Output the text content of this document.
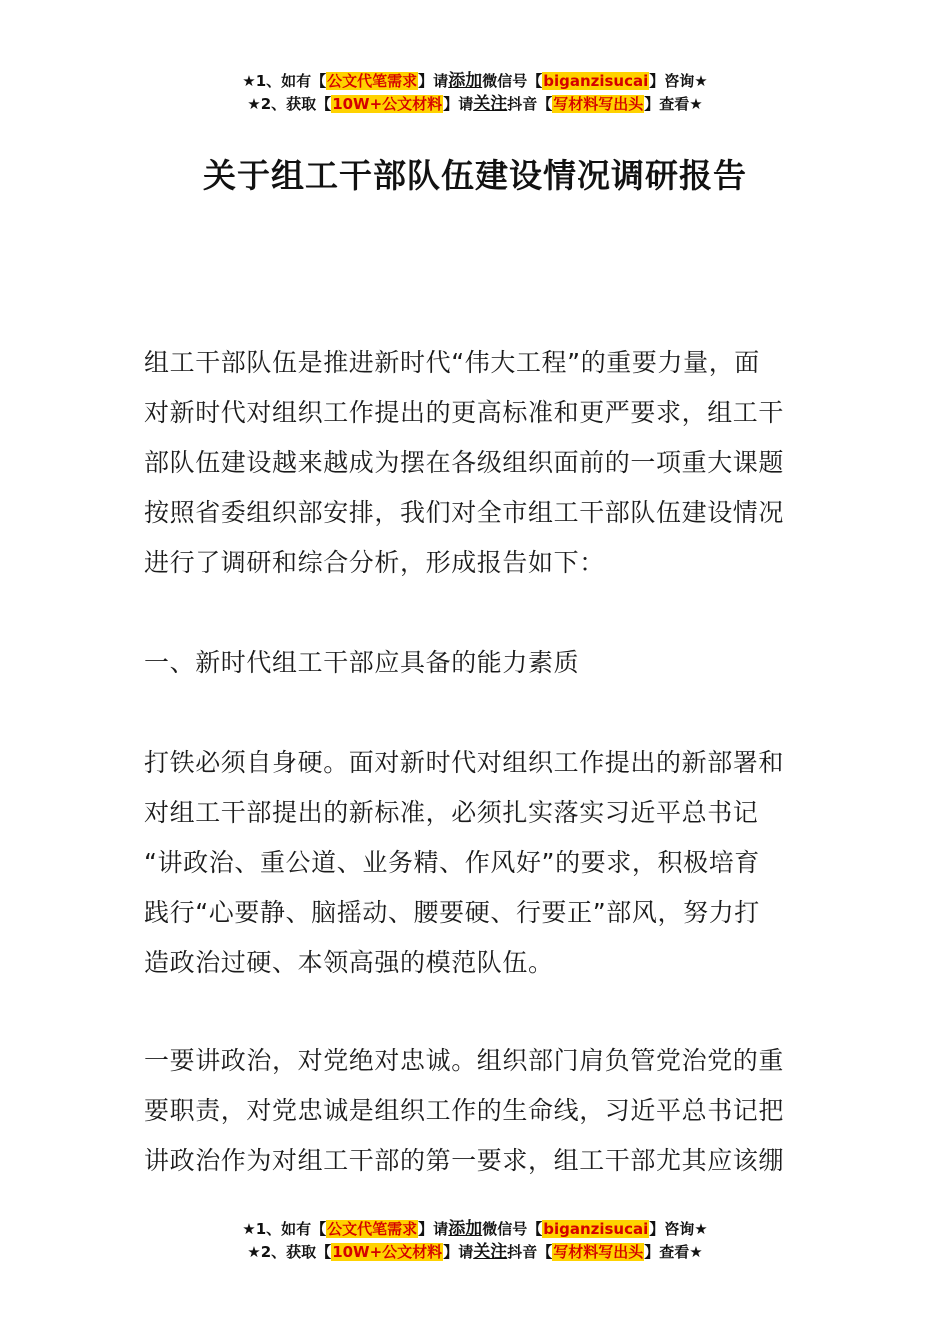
★1、如有【公文代笔需求】请添加微信号【biganzisucai】咨询★
★2、获取【10W+公文材料】请关注抖音【写材料写出头】查看★
关于组工干部队伍建设情况调研报告
组工干部队伍是推进新时代“伟大工程”的重要力量，面
对新时代对组织工作提出的更高标准和更严要求，组工干
部队伍建设越来越成为摆在各级组织面前的一项重大课题
按照省委组织部安排，我们对全市组工干部队伍建设情况
进行了调研和综合分析，形成报告如下：
一、新时代组工干部应具备的能力素质
打铁必须自身硬。面对新时代对组织工作提出的新部署和
对组工干部提出的新标准，必须扎实落实习近平总书记
“讲政治、重公道、业务精、作风好”的要求，积极培育
践行“心要静、脑摇动、腰要硬、行要正”部风，努力打
造政治过硬、本领高强的模范队伍。
一要讲政治，对党绝对忠诚。组织部门肩负管党治党的重
要职责，对党忠诚是组织工作的生命线，习近平总书记把
讲政治作为对组工干部的第一要求，组工干部尤其应该绷
★1、如有【公文代笔需求】请添加微信号【biganzisucai】咨询★
★2、获取【10W+公文材料】请关注抖音【写材料写出头】查看★
